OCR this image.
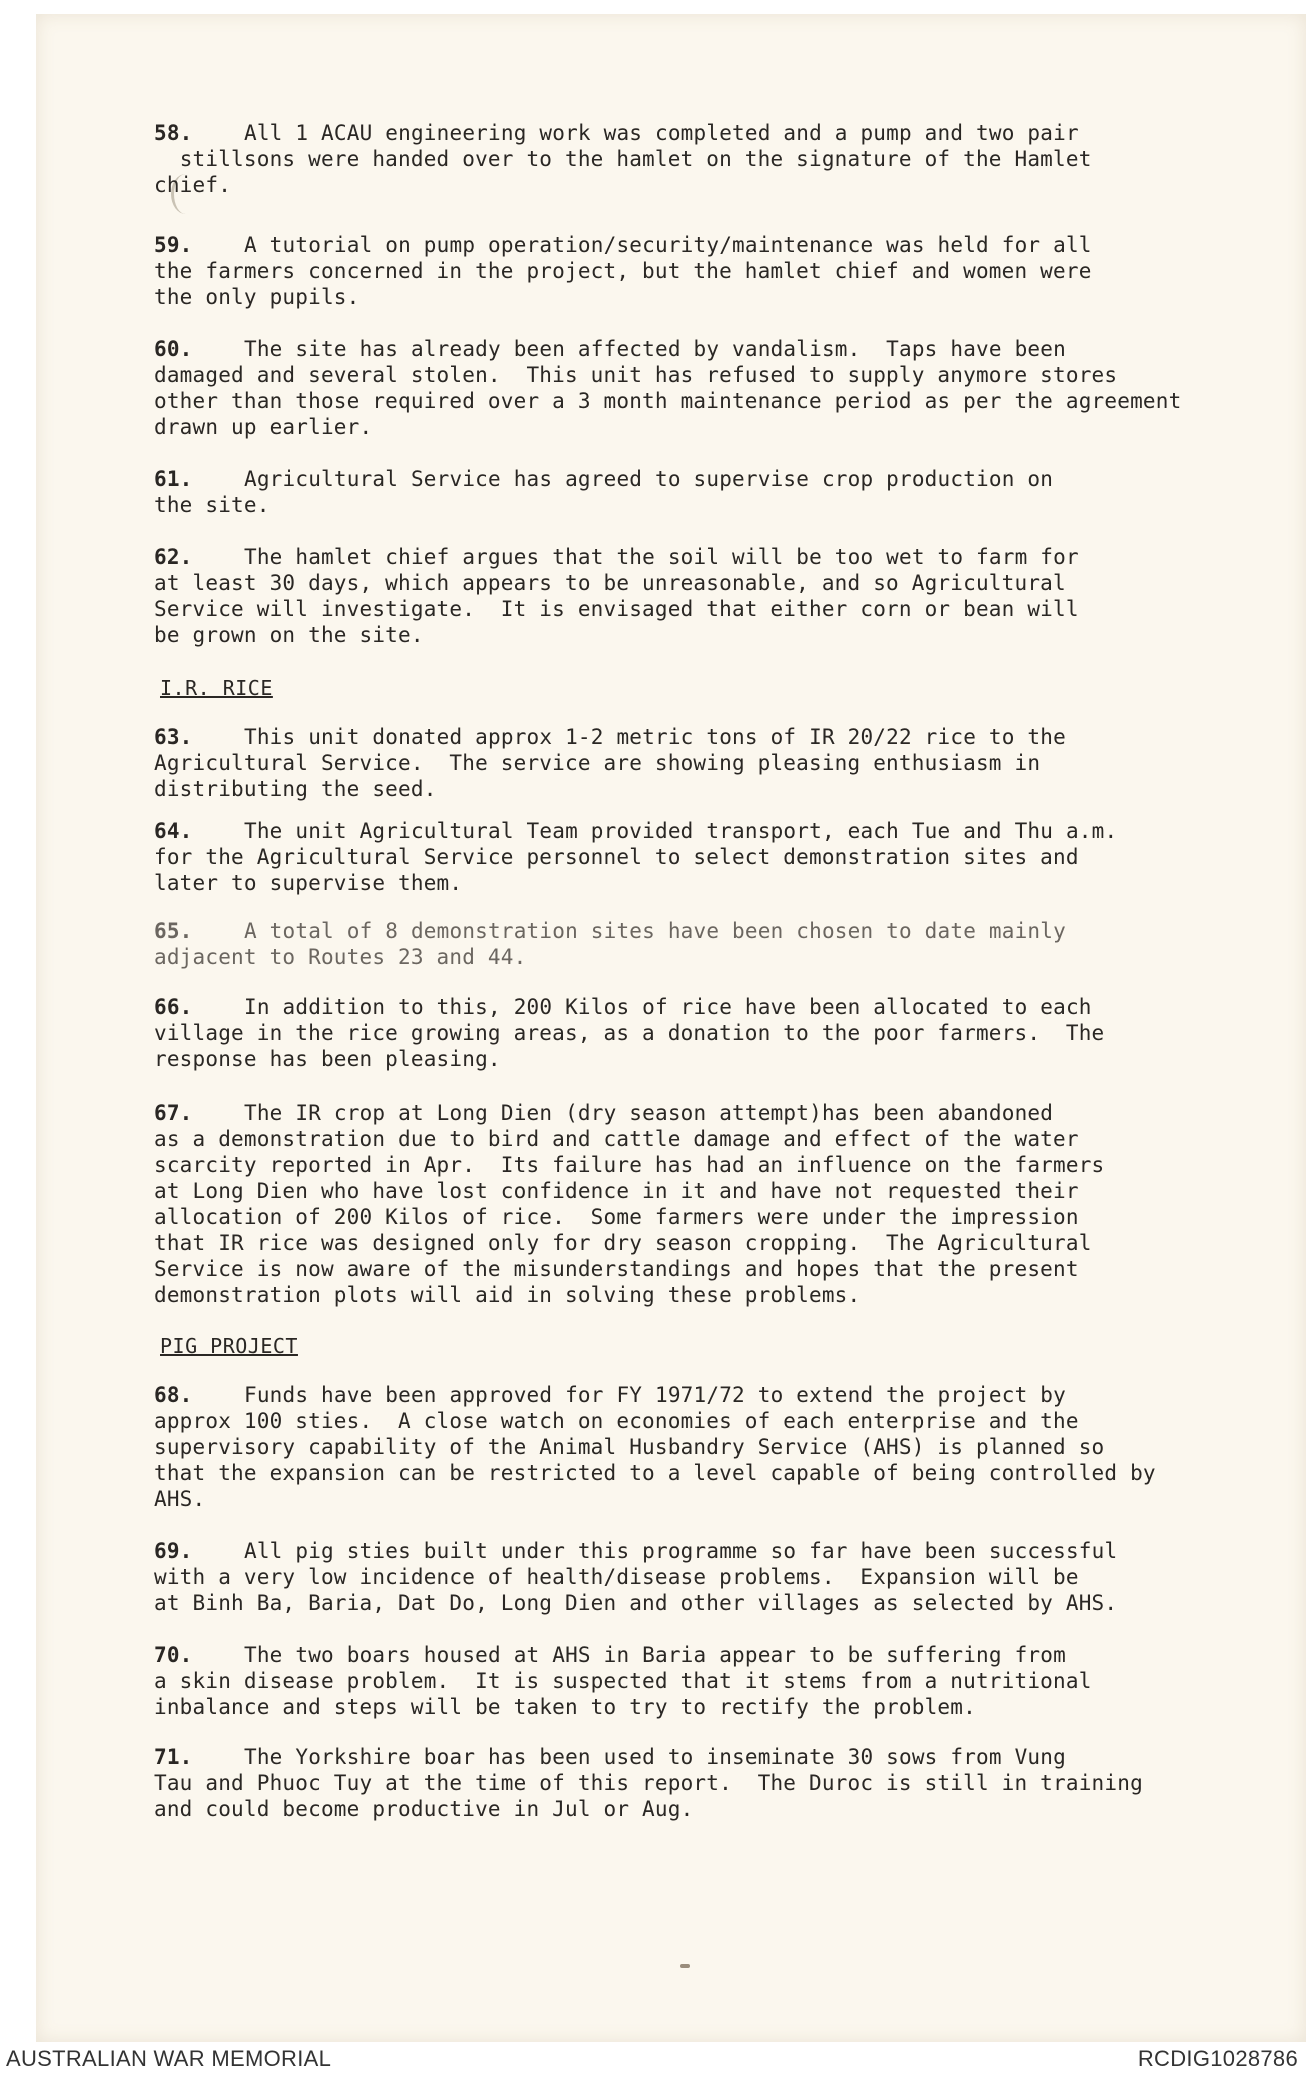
58. All 1 ACAU engineering work was completed and a pump and two pair
stillsons were handed over to the hamlet on the signature of the Hamlet
chief.

59. A tutorial on pump operation/security/maintenance was held for all
the farmers concerned in the project, but the hamlet chief and women were
the only pupils.

60. The site has already been affected by vandalism.  Taps have been
damaged and several stolen.  This unit has refused to supply anymore stores
other than those required over a 3 month maintenance period as per the agreement
drawn up earlier.

61. Agricultural Service has agreed to supervise crop production on
the site.

62. The hamlet chief argues that the soil will be too wet to farm for
at least 30 days, which appears to be unreasonable, and so Agricultural
Service will investigate.  It is envisaged that either corn or bean will
be grown on the site.

I.R. RICE

63. This unit donated approx 1-2 metric tons of IR 20/22 rice to the
Agricultural Service.  The service are showing pleasing enthusiasm in
distributing the seed.

64. The unit Agricultural Team provided transport, each Tue and Thu a.m.
for the Agricultural Service personnel to select demonstration sites and
later to supervise them.

65. A total of 8 demonstration sites have been chosen to date mainly
adjacent to Routes 23 and 44.

66. In addition to this, 200 Kilos of rice have been allocated to each
village in the rice growing areas, as a donation to the poor farmers.  The
response has been pleasing.

67. The IR crop at Long Dien (dry season attempt)has been abandoned
as a demonstration due to bird and cattle damage and effect of the water
scarcity reported in Apr.  Its failure has had an influence on the farmers
at Long Dien who have lost confidence in it and have not requested their
allocation of 200 Kilos of rice.  Some farmers were under the impression
that IR rice was designed only for dry season cropping.  The Agricultural
Service is now aware of the misunderstandings and hopes that the present
demonstration plots will aid in solving these problems.

PIG PROJECT

68. Funds have been approved for FY 1971/72 to extend the project by
approx 100 sties.  A close watch on economies of each enterprise and the
supervisory capability of the Animal Husbandry Service (AHS) is planned so
that the expansion can be restricted to a level capable of being controlled by
AHS.

69. All pig sties built under this programme so far have been successful
with a very low incidence of health/disease problems.  Expansion will be
at Binh Ba, Baria, Dat Do, Long Dien and other villages as selected by AHS.

70. The two boars housed at AHS in Baria appear to be suffering from
a skin disease problem.  It is suspected that it stems from a nutritional
inbalance and steps will be taken to try to rectify the problem.

71. The Yorkshire boar has been used to inseminate 30 sows from Vung
Tau and Phuoc Tuy at the time of this report.  The Duroc is still in training
and could become productive in Jul or Aug.

AUSTRALIAN WAR MEMORIAL	RCDIG1028786
